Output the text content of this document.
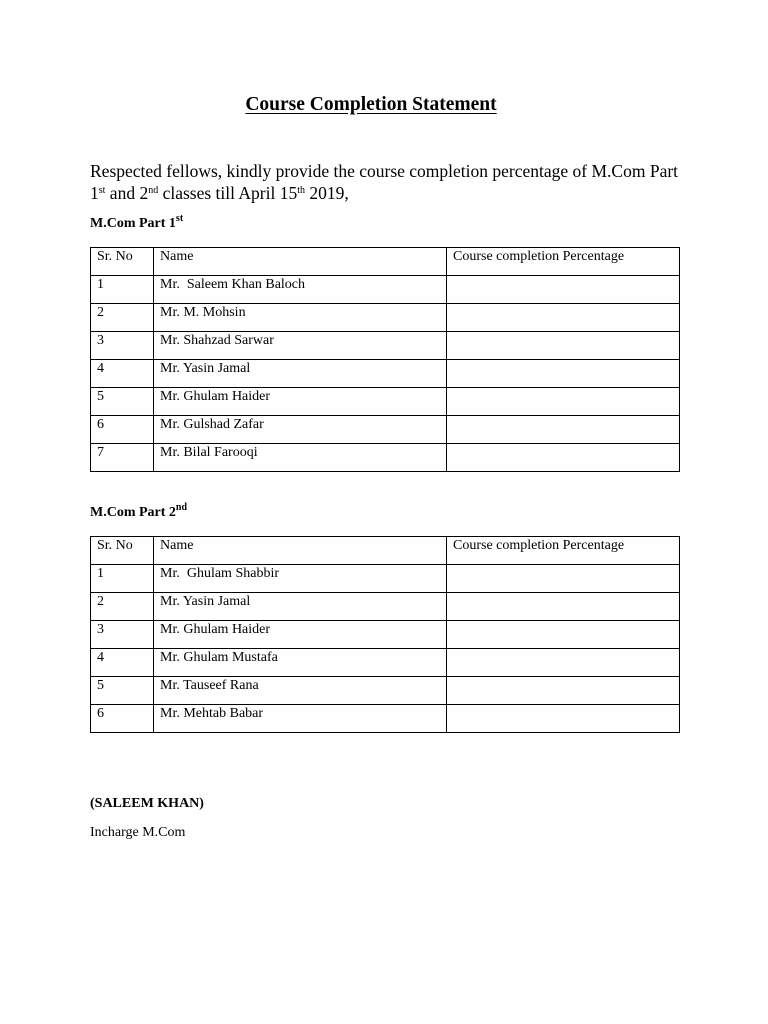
Course Completion Statement

Respected fellows, kindly provide the course completion percentage of M.Com Part 1st and 2nd classes till April 15th 2019,

M.Com Part 1st

Sr. No	Name	Course completion Percentage
1	Mr.  Saleem Khan Baloch	
2	Mr. M. Mohsin	
3	Mr. Shahzad Sarwar	
4	Mr. Yasin Jamal	
5	Mr. Ghulam Haider	
6	Mr. Gulshad Zafar	
7	Mr. Bilal Farooqi	

M.Com Part 2nd

Sr. No	Name	Course completion Percentage
1	Mr.  Ghulam Shabbir	
2	Mr. Yasin Jamal	
3	Mr. Ghulam Haider	
4	Mr. Ghulam Mustafa	
5	Mr. Tauseef Rana	
6	Mr. Mehtab Babar	

(SALEEM KHAN)

Incharge M.Com
